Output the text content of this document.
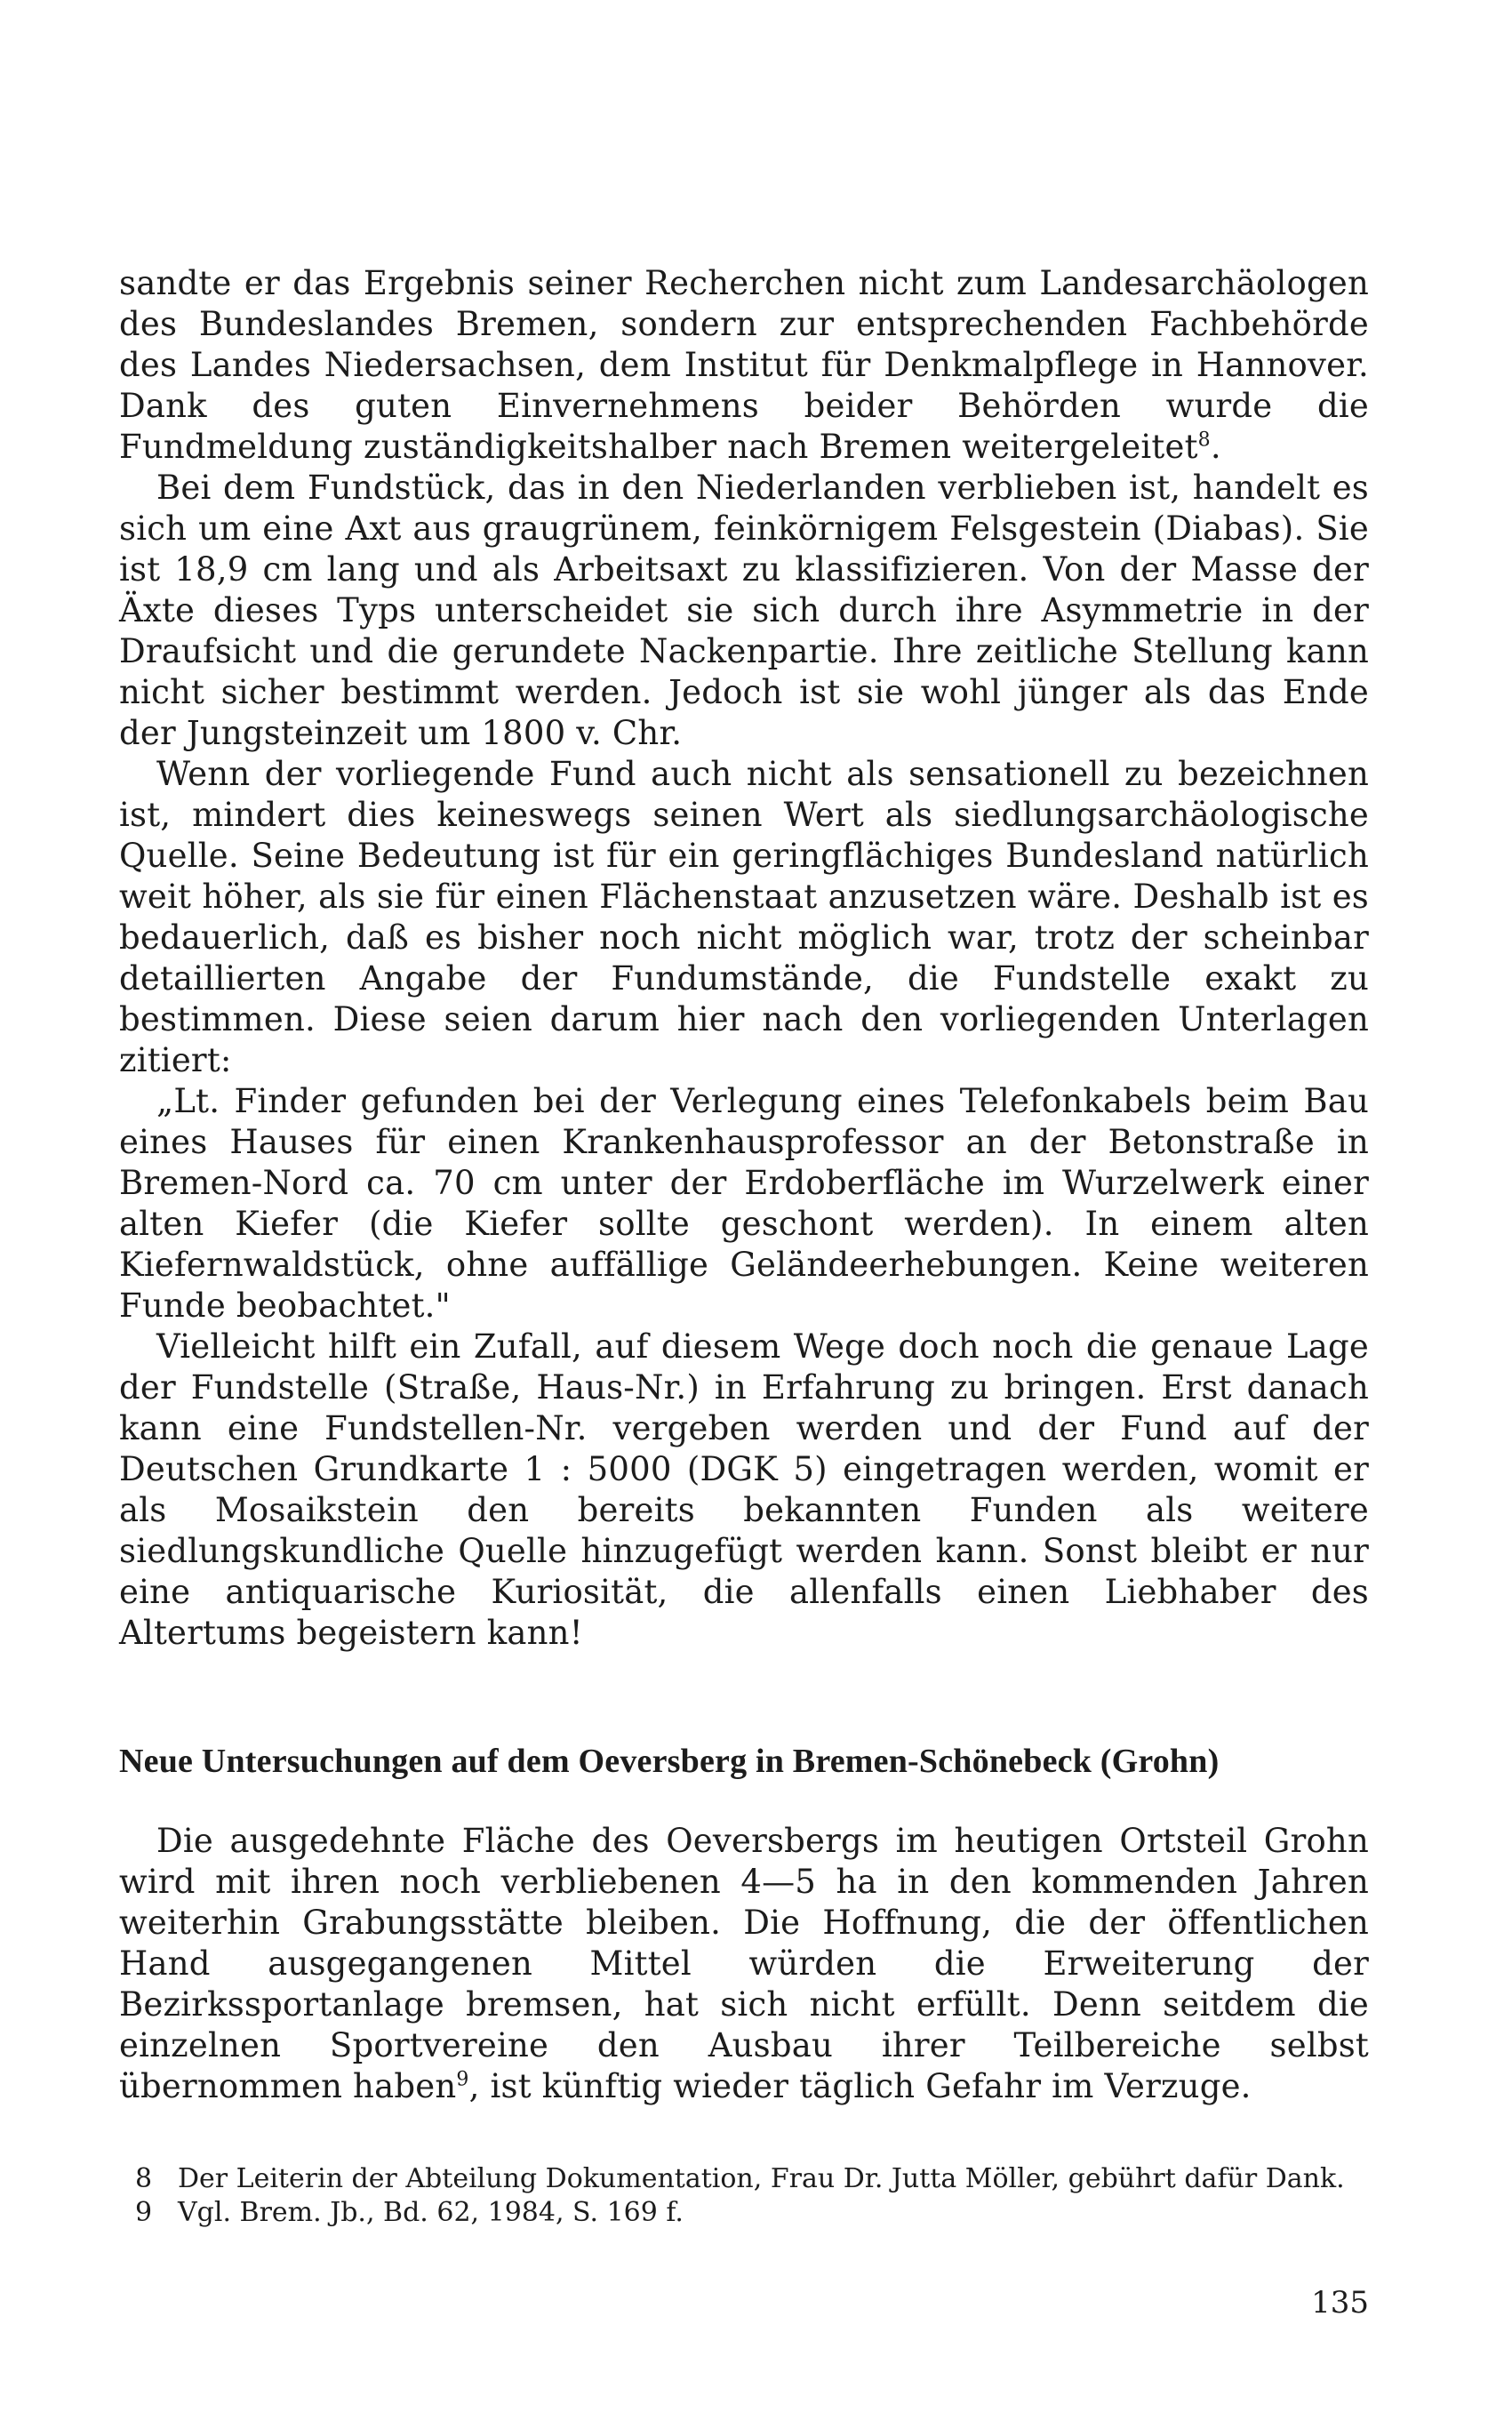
sandte er das Ergebnis seiner Recherchen nicht zum Landesarchäologen des Bundeslandes Bremen, sondern zur entsprechenden Fachbehörde des Landes Niedersachsen, dem Institut für Denkmalpflege in Hannover. Dank des guten Einvernehmens beider Behörden wurde die Fundmeldung zuständigkeitshalber nach Bremen weitergeleitet$^8$.

Bei dem Fundstück, das in den Niederlanden verblieben ist, handelt es sich um eine Axt aus graugrünem, feinkörnigem Felsgestein (Diabas). Sie ist 18,9 cm lang und als Arbeitsaxt zu klassifizieren. Von der Masse der Äxte dieses Typs unterscheidet sie sich durch ihre Asymmetrie in der Draufsicht und die gerundete Nackenpartie. Ihre zeitliche Stellung kann nicht sicher bestimmt werden. Jedoch ist sie wohl jünger als das Ende der Jungsteinzeit um 1800 v. Chr.

Wenn der vorliegende Fund auch nicht als sensationell zu bezeichnen ist, mindert dies keineswegs seinen Wert als siedlungsarchäologische Quelle. Seine Bedeutung ist für ein geringflächiges Bundesland natürlich weit höher, als sie für einen Flächenstaat anzusetzen wäre. Deshalb ist es bedauerlich, daß es bisher noch nicht möglich war, trotz der scheinbar detaillierten Angabe der Fundumstände, die Fundstelle exakt zu bestimmen. Diese seien darum hier nach den vorliegenden Unterlagen zitiert:

„Lt. Finder gefunden bei der Verlegung eines Telefonkabels beim Bau eines Hauses für einen Krankenhausprofessor an der Betonstraße in Bremen-Nord ca. 70 cm unter der Erdoberfläche im Wurzelwerk einer alten Kiefer (die Kiefer sollte geschont werden). In einem alten Kiefernwaldstück, ohne auffällige Geländeerhebungen. Keine weiteren Funde beobachtet."

Vielleicht hilft ein Zufall, auf diesem Wege doch noch die genaue Lage der Fundstelle (Straße, Haus-Nr.) in Erfahrung zu bringen. Erst danach kann eine Fundstellen-Nr. vergeben werden und der Fund auf der Deutschen Grundkarte 1 : 5000 (DGK 5) eingetragen werden, womit er als Mosaikstein den bereits bekannten Funden als weitere siedlungskundliche Quelle hinzugefügt werden kann. Sonst bleibt er nur eine antiquarische Kuriosität, die allenfalls einen Liebhaber des Altertums begeistern kann!

Neue Untersuchungen auf dem Oeversberg in Bremen-Schönebeck (Grohn)

Die ausgedehnte Fläche des Oeversbergs im heutigen Ortsteil Grohn wird mit ihren noch verbliebenen 4—5 ha in den kommenden Jahren weiterhin Grabungsstätte bleiben. Die Hoffnung, die der öffentlichen Hand ausgegangenen Mittel würden die Erweiterung der Bezirkssportanlage bremsen, hat sich nicht erfüllt. Denn seitdem die einzelnen Sportvereine den Ausbau ihrer Teilbereiche selbst übernommen haben$^9$, ist künftig wieder täglich Gefahr im Verzuge.

8 Der Leiterin der Abteilung Dokumentation, Frau Dr. Jutta Möller, gebührt dafür Dank.

9 Vgl. Brem. Jb., Bd. 62, 1984, S. 169 f.

135
